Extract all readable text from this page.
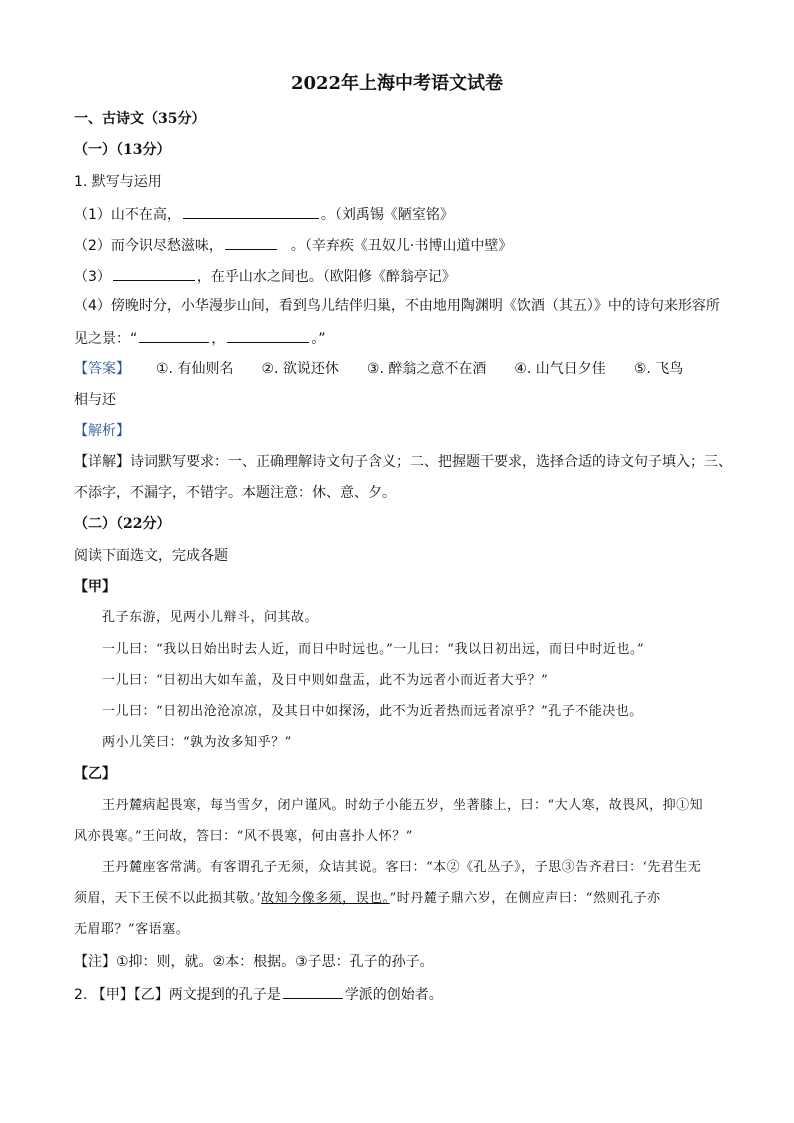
2022年上海中考语文试卷
一、古诗文（35分）
（一）（13分）
1. 默写与运用
（1）山不在高，	。（刘禹锡《陋室铭》
（2）而今识尽愁滋味，	。（辛弃疾《丑奴儿·书博山道中壁》
（3）	，在乎山水之间也。（欧阳修《醉翁亭记》
（4）傍晚时分，小华漫步山间，看到鸟儿结伴归巢，不由地用陶渊明《饮酒（其五）》中的诗句来形容所
见之景：“	，	。”
【答案】 ①. 有仙则名 ②. 欲说还休 ③. 醉翁之意不在酒 ④. 山气日夕佳 ⑤. 飞鸟
相与还
【解析】
【详解】诗词默写要求：一、正确理解诗文句子含义；二、把握题干要求，选择合适的诗文句子填入；三、
不添字，不漏字，不错字。本题注意：休、意、夕。
（二）（22分）
阅读下面选文，完成各题
【甲】
孔子东游，见两小儿辩斗，问其故。
一儿曰：“我以日始出时去人近，而日中时远也。”一儿曰：“我以日初出远，而日中时近也。”
一儿曰：“日初出大如车盖，及日中则如盘盂，此不为远者小而近者大乎？”
一儿曰：“日初出沧沧凉凉，及其日中如探汤，此不为近者热而远者凉乎？”孔子不能决也。
两小儿笑曰：“孰为汝多知乎？”
【乙】
王丹麓病起畏寒，每当雪夕，闭户谨风。时幼子小能五岁，坐著膝上，曰：“大人寒，故畏风，抑①知
风亦畏寒。”王问故，答曰：“风不畏寒，何由喜扑人怀？”
王丹麓座客常满。有客谓孔子无须，众诘其说。客曰：“本②《孔丛子》，子思③告齐君曰：‘先君生无
须眉，天下王侯不以此损其敬。’故知今像多须，误也。”时丹麓子鼎六岁，在侧应声曰：“然则孔子亦
无眉耶？”客语塞。
【注】①抑：则，就。②本：根据。③子思：孔子的孙子。
2. 【甲】【乙】两文提到的孔子是	学派的创始者。
